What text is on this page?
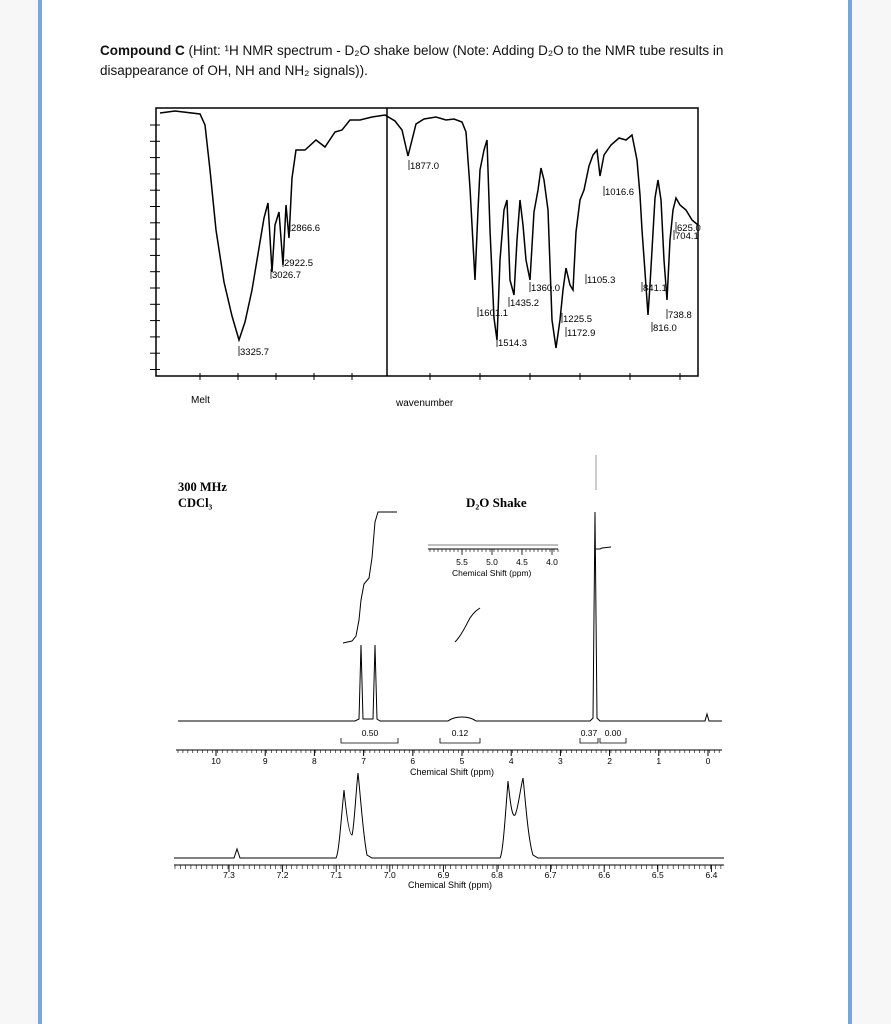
Compound C (Hint: ¹H NMR spectrum - D₂O shake below (Note: Adding D₂O to the NMR tube results in disappearance of OH, NH and NH₂ signals)).
3325.7
3026.7
2922.5
2866.6
1877.0
1601.1
1514.3
1435.2
1360.0
1225.5
1172.9
1105.3
1016.6
841.1
816.0
738.8
704.1
625.0
Melt	wavenumber
300 MHz
CDCl₃	D₂O Shake
5.5 5.0 4.5 4.0
Chemical Shift (ppm)
0.50	0.12	0.37 0.00
10	9	8	7	6	5	4	3	2	1	0
Chemical Shift (ppm)
7.3	7.2	7.1	7.0	6.9	6.8	6.7	6.6	6.5	6.4
Chemical Shift (ppm)
